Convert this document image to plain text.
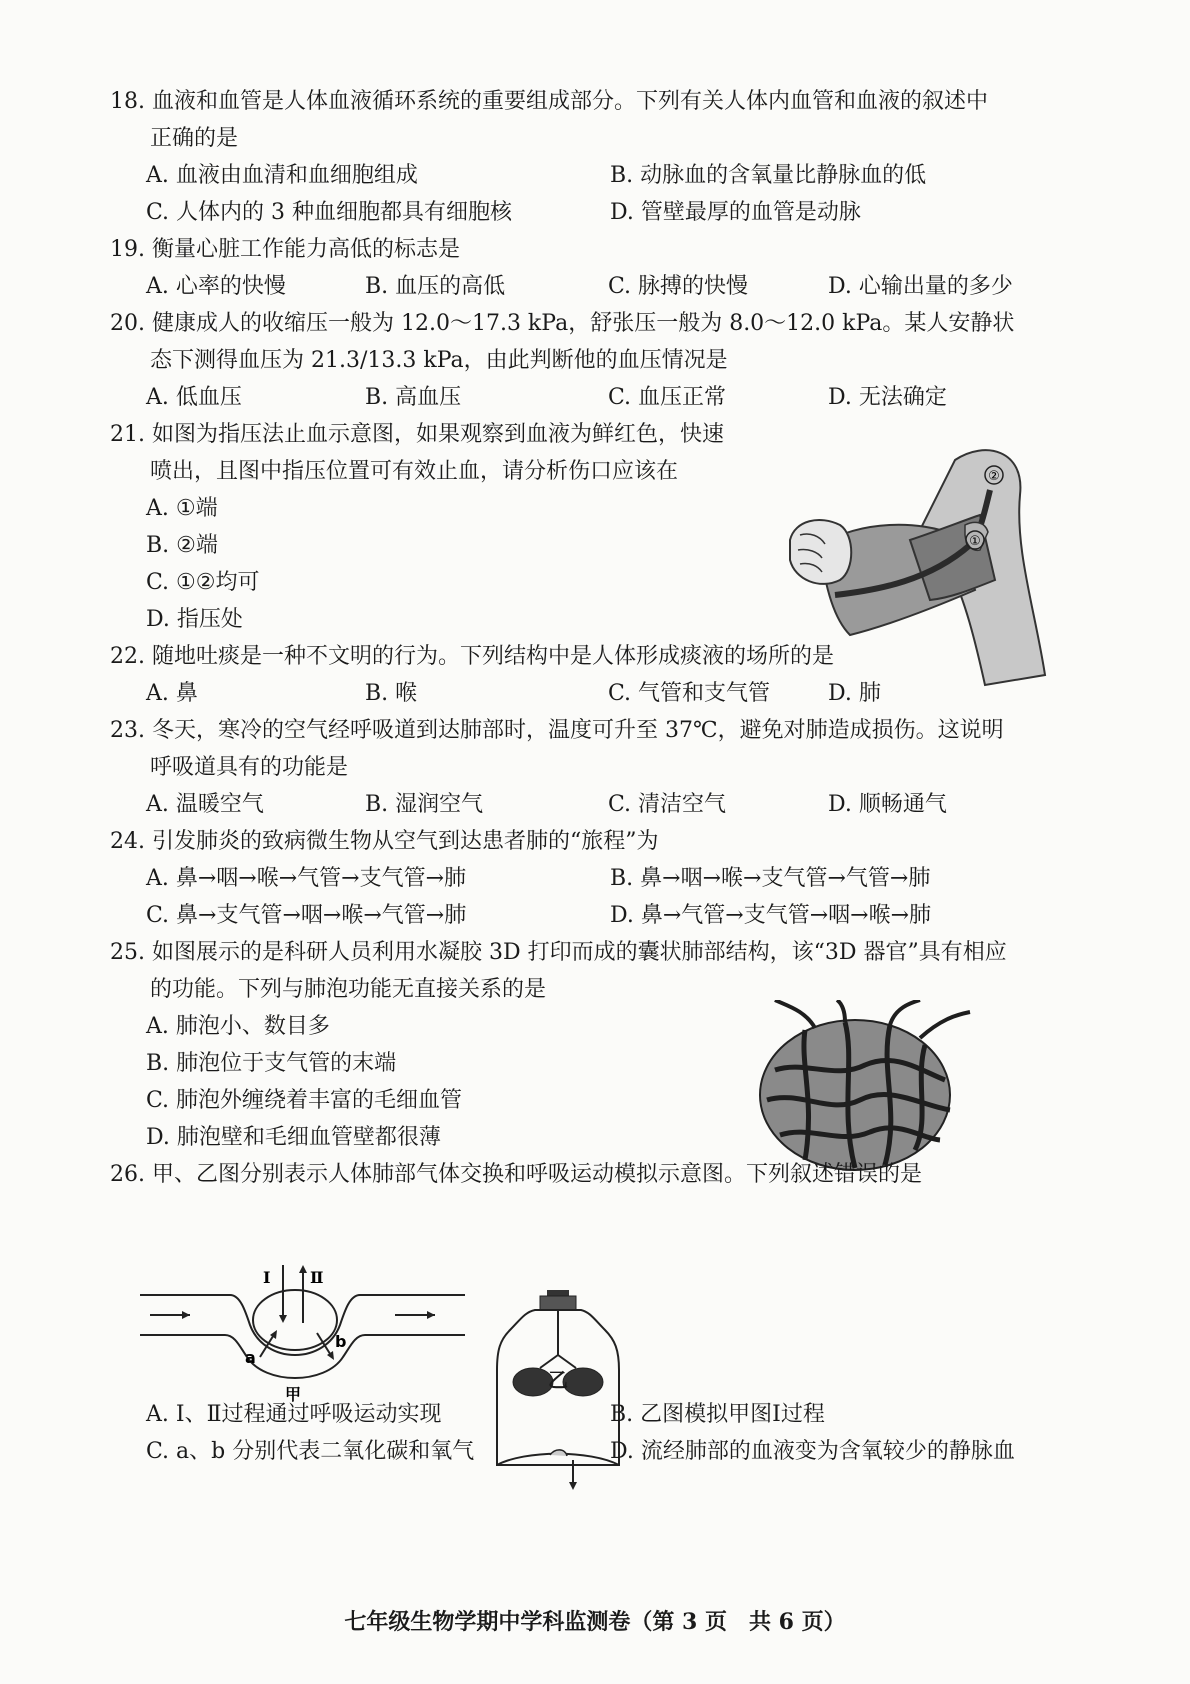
18. 血液和血管是人体血液循环系统的重要组成部分。下列有关人体内血管和血液的叙述中
正确的是
A. 血液由血清和血细胞组成	B. 动脉血的含氧量比静脉血的低
C. 人体内的 3 种血细胞都具有细胞核	D. 管壁最厚的血管是动脉
19. 衡量心脏工作能力高低的标志是
A. 心率的快慢	B. 血压的高低	C. 脉搏的快慢	D. 心输出量的多少
20. 健康成人的收缩压一般为 12.0～17.3 kPa，舒张压一般为 8.0～12.0 kPa。某人安静状
态下测得血压为 21.3/13.3 kPa，由此判断他的血压情况是
A. 低血压	B. 高血压	C. 血压正常	D. 无法确定
21. 如图为指压法止血示意图，如果观察到血液为鲜红色，快速
喷出，且图中指压位置可有效止血，请分析伤口应该在
A. ①端
B. ②端
C. ①②均可
D. 指压处
①
②
22. 随地吐痰是一种不文明的行为。下列结构中是人体形成痰液的场所的是
A. 鼻	B. 喉	C. 气管和支气管	D. 肺
23. 冬天，寒冷的空气经呼吸道到达肺部时，温度可升至 37℃，避免对肺造成损伤。这说明
呼吸道具有的功能是
A. 温暖空气	B. 湿润空气	C. 清洁空气	D. 顺畅通气
24. 引发肺炎的致病微生物从空气到达患者肺的“旅程”为
A. 鼻→咽→喉→气管→支气管→肺	B. 鼻→咽→喉→支气管→气管→肺
C. 鼻→支气管→咽→喉→气管→肺	D. 鼻→气管→支气管→咽→喉→肺
25. 如图展示的是科研人员利用水凝胶 3D 打印而成的囊状肺部结构，该“3D 器官”具有相应
的功能。下列与肺泡功能无直接关系的是
A. 肺泡小、数目多
B. 肺泡位于支气管的末端
C. 肺泡外缠绕着丰富的毛细血管
D. 肺泡壁和毛细血管壁都很薄
26. 甲、乙图分别表示人体肺部气体交换和呼吸运动模拟示意图。下列叙述错误的是
Ⅰ Ⅱ
a
b
甲
乙
A. Ⅰ、Ⅱ过程通过呼吸运动实现	B. 乙图模拟甲图Ⅰ过程
C. a、b 分别代表二氧化碳和氧气	D. 流经肺部的血液变为含氧较少的静脉血
七年级生物学期中学科监测卷（第 3 页　共 6 页）
